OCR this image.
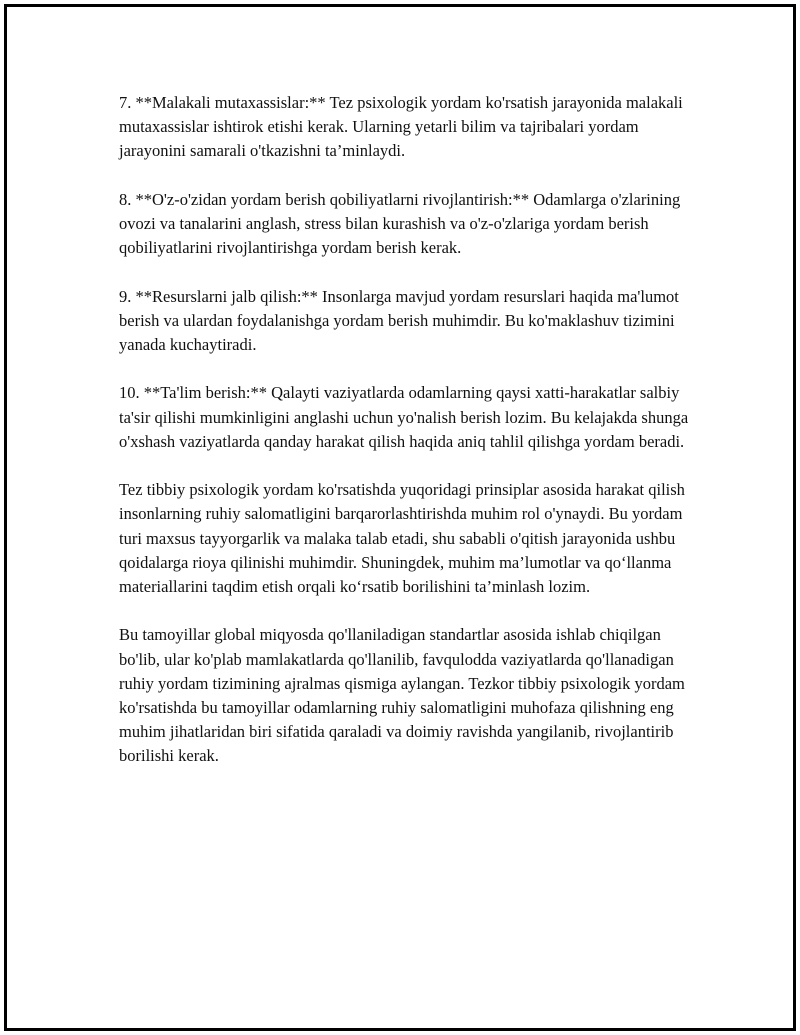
7. **Malakali mutaxassislar:** Tez psixologik yordam ko'rsatish jarayonida malakali mutaxassislar ishtirok etishi kerak. Ularning yetarli bilim va tajribalari yordam jarayonini samarali o'tkazishni ta’minlaydi.

8. **O'z-o'zidan yordam berish qobiliyatlarni rivojlantirish:** Odamlarga o'zlarining ovozi va tanalarini anglash, stress bilan kurashish va o'z-o'zlariga yordam berish qobiliyatlarini rivojlantirishga yordam berish kerak.

9. **Resurslarni jalb qilish:** Insonlarga mavjud yordam resurslari haqida ma'lumot berish va ulardan foydalanishga yordam berish muhimdir. Bu ko'maklashuv tizimini yanada kuchaytiradi.

10. **Ta'lim berish:** Qalayti vaziyatlarda odamlarning qaysi xatti-harakatlar salbiy ta'sir qilishi mumkinligini anglashi uchun yo'nalish berish lozim. Bu kelajakda shunga o'xshash vaziyatlarda qanday harakat qilish haqida aniq tahlil qilishga yordam beradi.

Tez tibbiy psixologik yordam ko'rsatishda yuqoridagi prinsiplar asosida harakat qilish insonlarning ruhiy salomatligini barqarorlashtirishda muhim rol o'ynaydi. Bu yordam turi maxsus tayyorgarlik va malaka talab etadi, shu sababli o'qitish jarayonida ushbu qoidalarga rioya qilinishi muhimdir. Shuningdek, muhim ma’lumotlar va qo‘llanma materiallarini taqdim etish orqali ko‘rsatib borilishini ta’minlash lozim.

Bu tamoyillar global miqyosda qo'llaniladigan standartlar asosida ishlab chiqilgan bo'lib, ular ko'plab mamlakatlarda qo'llanilib, favqulodda vaziyatlarda qo'llanadigan ruhiy yordam tizimining ajralmas qismiga aylangan. Tezkor tibbiy psixologik yordam ko'rsatishda bu tamoyillar odamlarning ruhiy salomatligini muhofaza qilishning eng muhim jihatlaridan biri sifatida qaraladi va doimiy ravishda yangilanib, rivojlantirib borilishi kerak.
